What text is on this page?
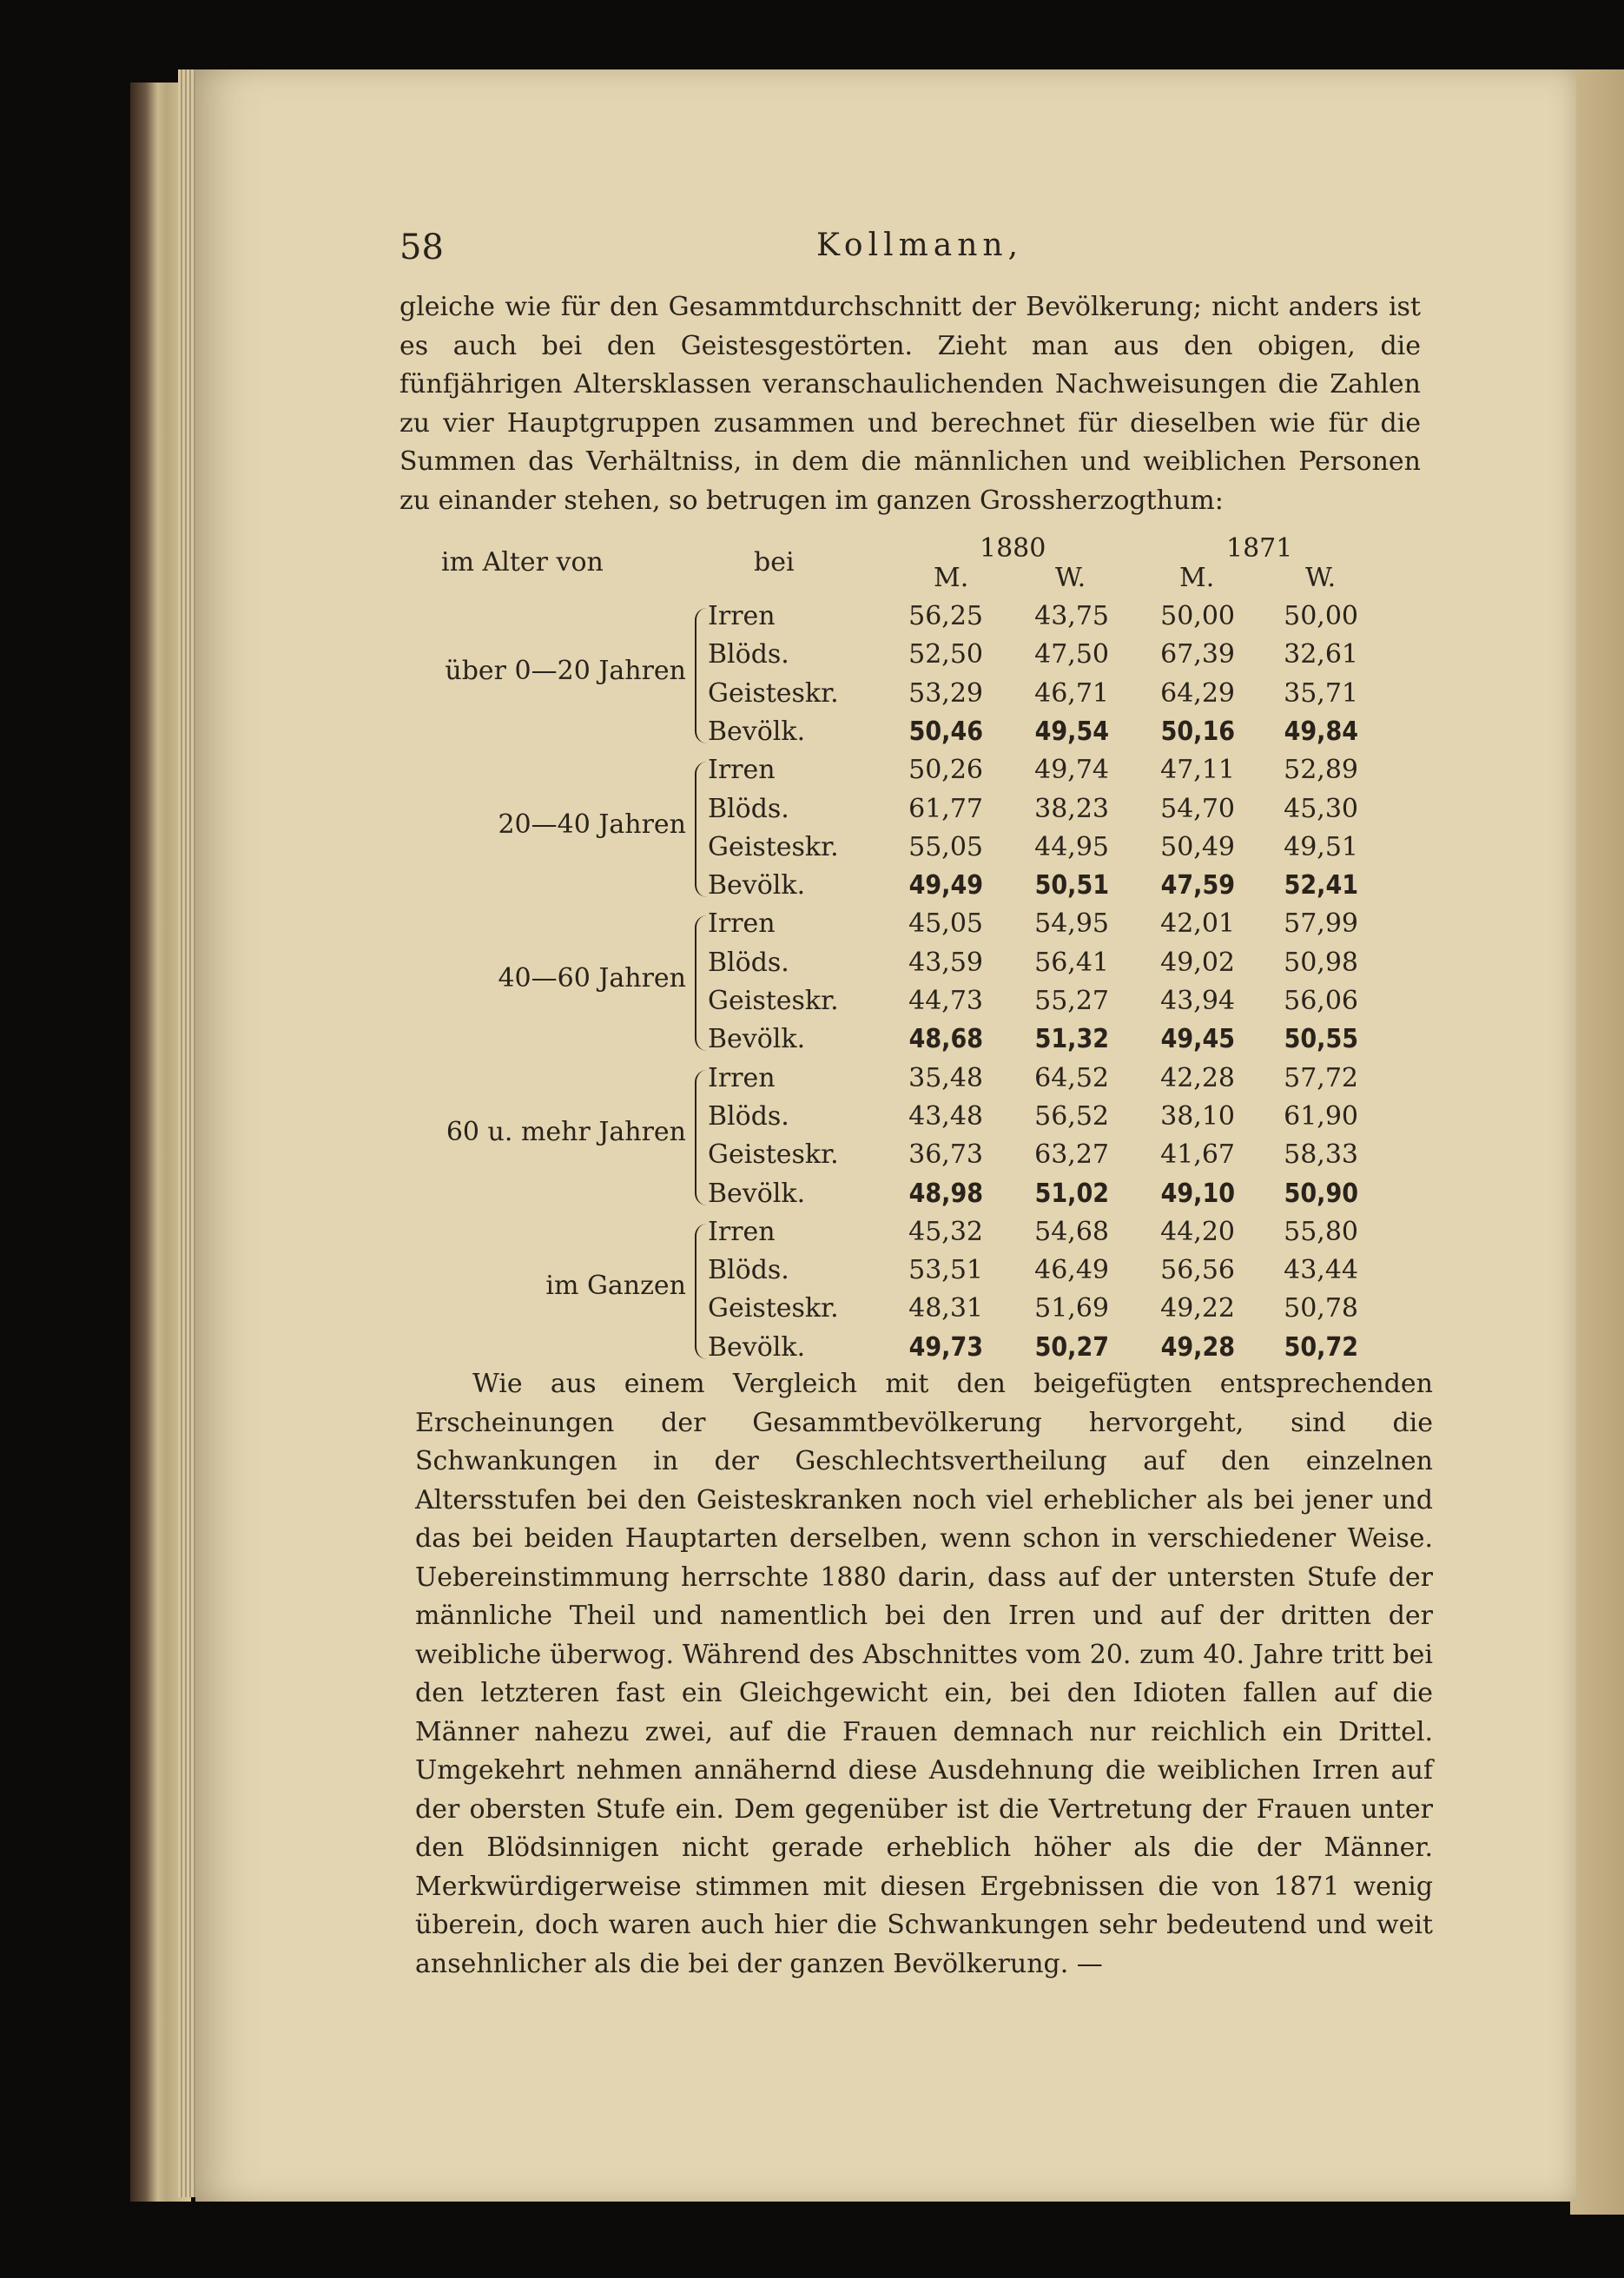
58	Kollmann,
gleiche wie für den Gesammtdurchschnitt der Bevölkerung; nicht anders ist es auch bei den Geistesgestörten. Zieht man aus den obigen, die fünfjährigen Altersklassen veranschaulichenden Nachweisungen die Zahlen zu vier Hauptgruppen zusammen und berechnet für dieselben wie für die Summen das Verhältniss, in dem die männlichen und weiblichen Personen zu einander stehen, so betrugen im ganzen Grossherzogthum:
im Alter von	bei	1880	1871
M.	W.	M.	W.
über 0—20 Jahren
Irren	56,25	43,75	50,00	50,00
Blöds.	52,50	47,50	67,39	32,61
Geisteskr.	53,29	46,71	64,29	35,71
Bevölk.	50,46	49,54	50,16	49,84
20—40 Jahren
Irren	50,26	49,74	47,11	52,89
Blöds.	61,77	38,23	54,70	45,30
Geisteskr.	55,05	44,95	50,49	49,51
Bevölk.	49,49	50,51	47,59	52,41
40—60 Jahren
Irren	45,05	54,95	42,01	57,99
Blöds.	43,59	56,41	49,02	50,98
Geisteskr.	44,73	55,27	43,94	56,06
Bevölk.	48,68	51,32	49,45	50,55
60 u. mehr Jahren
Irren	35,48	64,52	42,28	57,72
Blöds.	43,48	56,52	38,10	61,90
Geisteskr.	36,73	63,27	41,67	58,33
Bevölk.	48,98	51,02	49,10	50,90
im Ganzen
Irren	45,32	54,68	44,20	55,80
Blöds.	53,51	46,49	56,56	43,44
Geisteskr.	48,31	51,69	49,22	50,78
Bevölk.	49,73	50,27	49,28	50,72
Wie aus einem Vergleich mit den beigefügten entsprechenden Erscheinungen der Gesammtbevölkerung hervorgeht, sind die Schwankungen in der Geschlechtsvertheilung auf den einzelnen Altersstufen bei den Geisteskranken noch viel erheblicher als bei jener und das bei beiden Hauptarten derselben, wenn schon in verschiedener Weise. Uebereinstimmung herrschte 1880 darin, dass auf der untersten Stufe der männliche Theil und namentlich bei den Irren und auf der dritten der weibliche überwog. Während des Abschnittes vom 20. zum 40. Jahre tritt bei den letzteren fast ein Gleichgewicht ein, bei den Idioten fallen auf die Männer nahezu zwei, auf die Frauen demnach nur reichlich ein Drittel. Umgekehrt nehmen annähernd diese Ausdehnung die weiblichen Irren auf der obersten Stufe ein. Dem gegenüber ist die Vertretung der Frauen unter den Blödsinnigen nicht gerade erheblich höher als die der Männer. Merkwürdigerweise stimmen mit diesen Ergebnissen die von 1871 wenig überein, doch waren auch hier die Schwankungen sehr bedeutend und weit ansehnlicher als die bei der ganzen Bevölkerung. —
